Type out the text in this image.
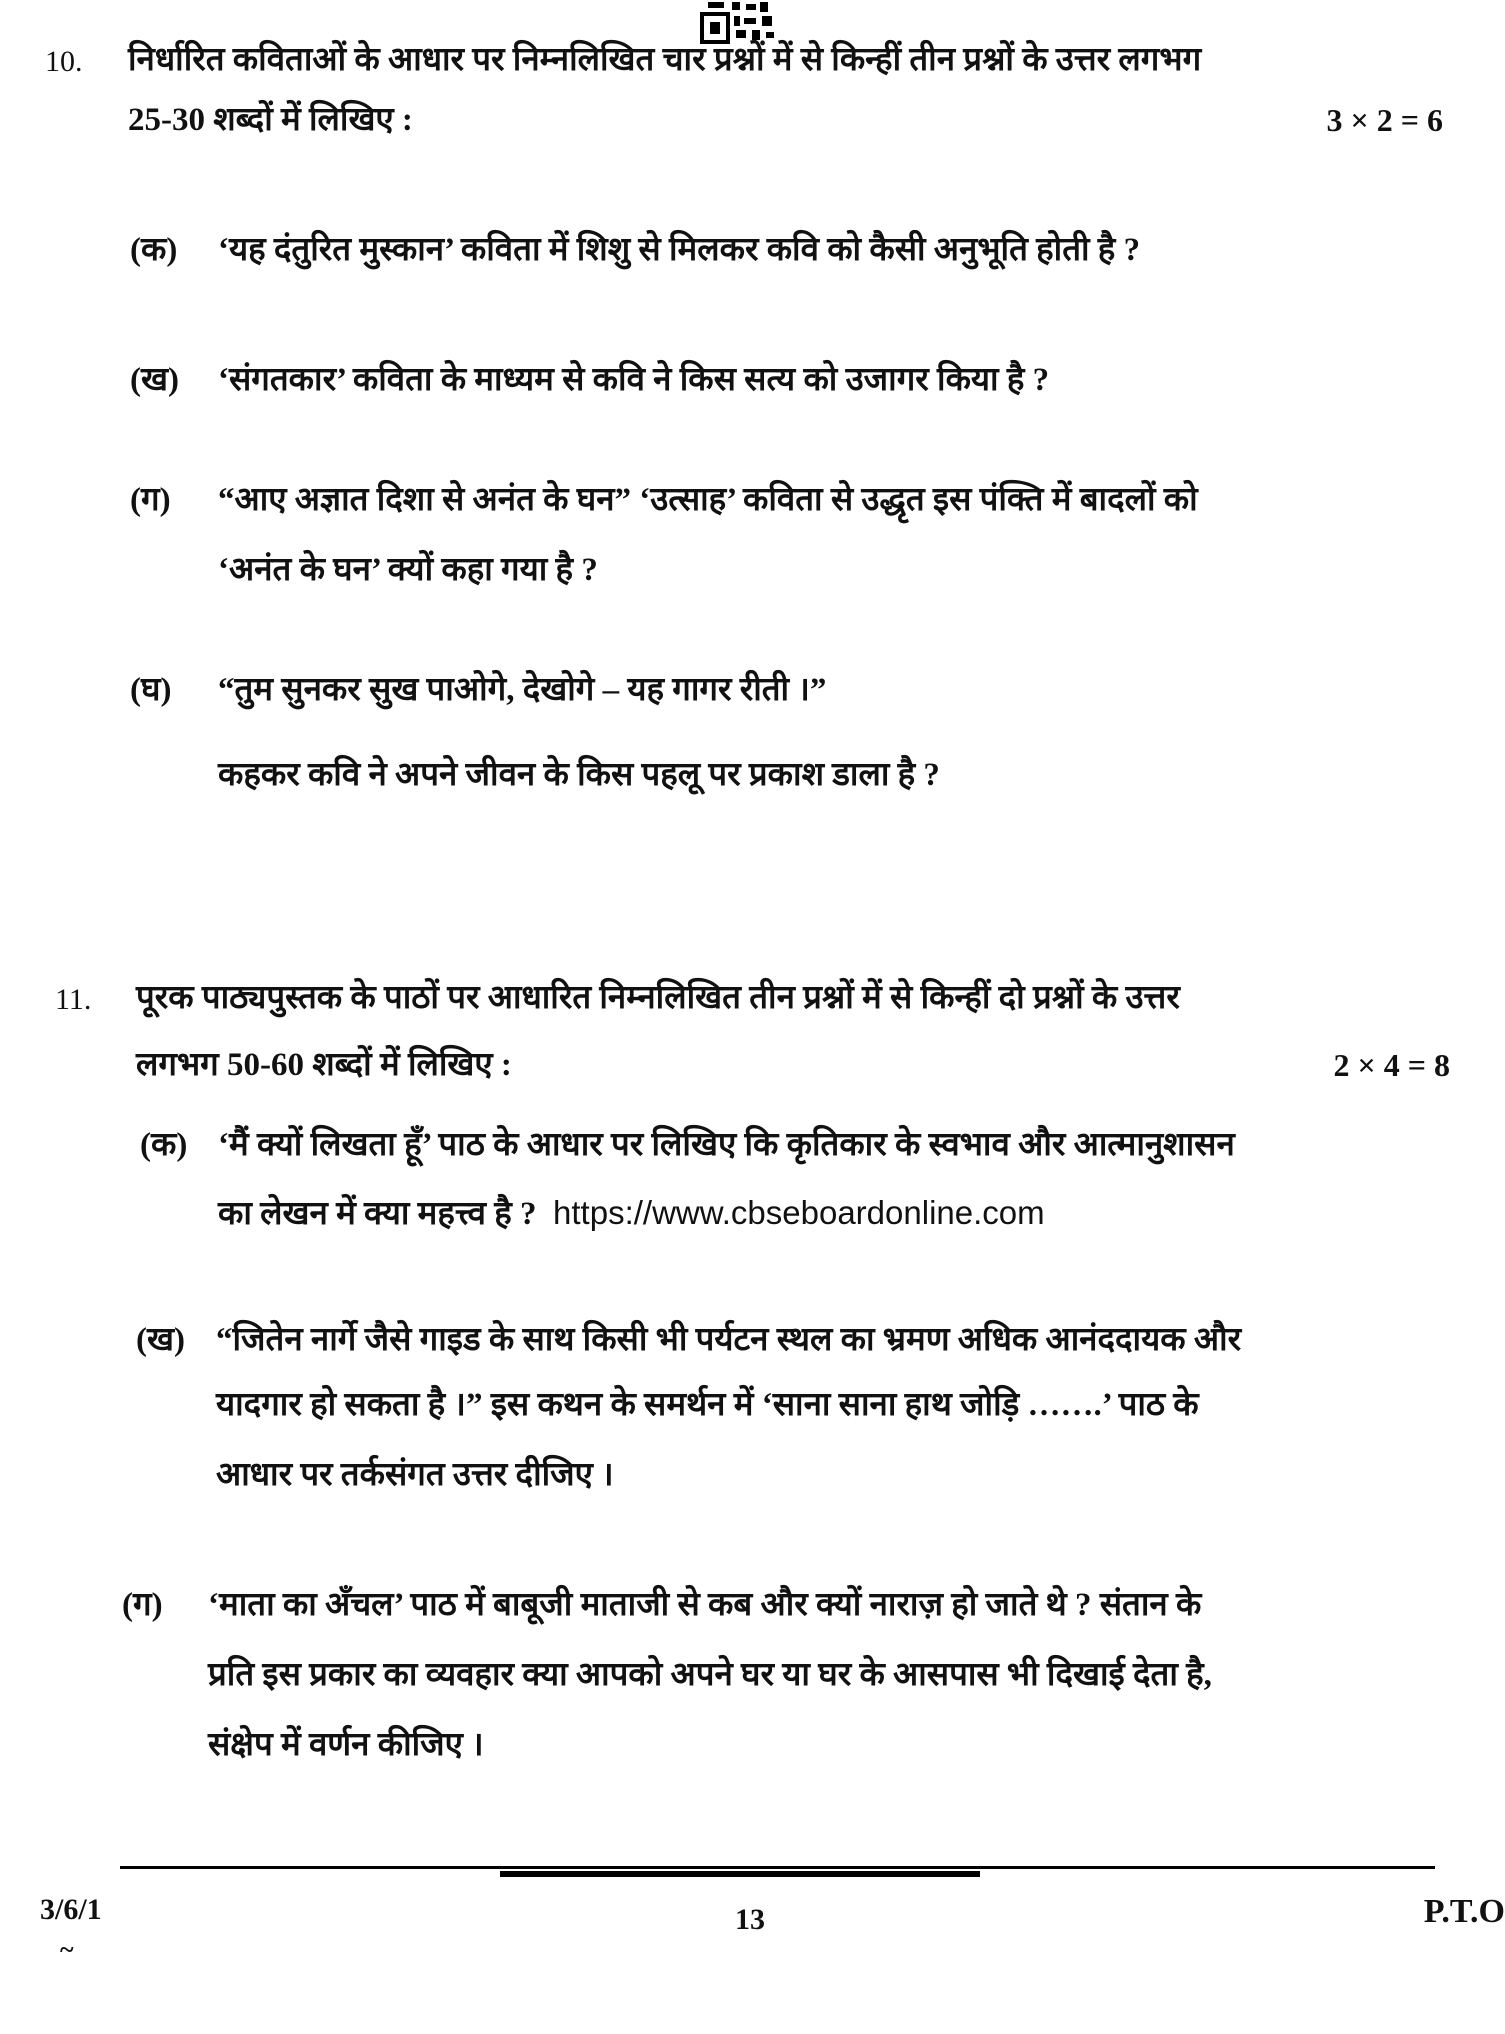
10. निर्धारित कविताओं के आधार पर निम्नलिखित चार प्रश्नों में से किन्हीं तीन प्रश्नों के उत्तर लगभग
25-30 शब्दों में लिखिए :	3 × 2 = 6
(क) ‘यह दंतुरित मुस्कान’ कविता में शिशु से मिलकर कवि को कैसी अनुभूति होती है ?
(ख) ‘संगतकार’ कविता के माध्यम से कवि ने किस सत्य को उजागर किया है ?
(ग) “आए अज्ञात दिशा से अनंत के घन” ‘उत्साह’ कविता से उद्धृत इस पंक्ति में बादलों को
‘अनंत के घन’ क्यों कहा गया है ?
(घ) “तुम सुनकर सुख पाओगे, देखोगे – यह गागर रीती ।”
कहकर कवि ने अपने जीवन के किस पहलू पर प्रकाश डाला है ?
11. पूरक पाठ्यपुस्तक के पाठों पर आधारित निम्नलिखित तीन प्रश्नों में से किन्हीं दो प्रश्नों के उत्तर
लगभग 50-60 शब्दों में लिखिए :	2 × 4 = 8
(क) ‘मैं क्यों लिखता हूँ’ पाठ के आधार पर लिखिए कि कृतिकार के स्वभाव और आत्मानुशासन
का लेखन में क्या महत्त्व है ? https://www.cbseboardonline.com
(ख) “जितेन नार्गे जैसे गाइड के साथ किसी भी पर्यटन स्थल का भ्रमण अधिक आनंददायक और
यादगार हो सकता है ।” इस कथन के समर्थन में ‘साना साना हाथ जोड़ि …….’ पाठ के
आधार पर तर्कसंगत उत्तर दीजिए ।
(ग) ‘माता का अँचल’ पाठ में बाबूजी माताजी से कब और क्यों नाराज़ हो जाते थे ? संतान के
प्रति इस प्रकार का व्यवहार क्या आपको अपने घर या घर के आसपास भी दिखाई देता है,
संक्षेप में वर्णन कीजिए ।
3/6/1	13	P.T.O
~
